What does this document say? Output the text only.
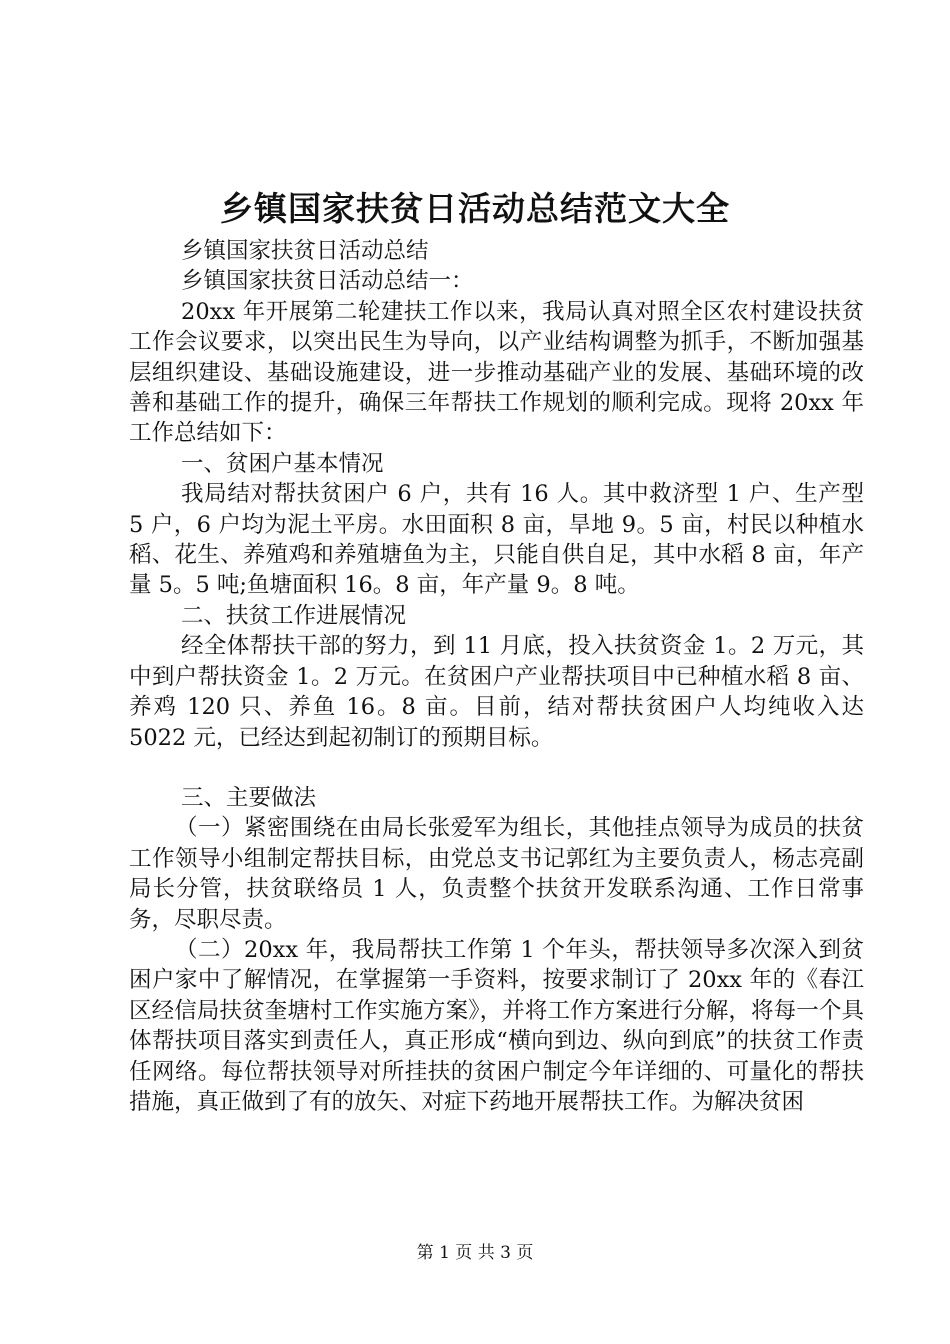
乡镇国家扶贫日活动总结范文大全

乡镇国家扶贫日活动总结

乡镇国家扶贫日活动总结一：

20xx 年开展第二轮建扶工作以来，我局认真对照全区农村建设扶贫工作会议要求，以突出民生为导向，以产业结构调整为抓手，不断加强基层组织建设、基础设施建设，进一步推动基础产业的发展、基础环境的改善和基础工作的提升，确保三年帮扶工作规划的顺利完成。现将 20xx 年工作总结如下：

一、贫困户基本情况

我局结对帮扶贫困户 6 户，共有 16 人。其中救济型 1 户、生产型 5 户，6 户均为泥土平房。水田面积 8 亩，旱地 9。5 亩，村民以种植水稻、花生、养殖鸡和养殖塘鱼为主，只能自供自足，其中水稻 8 亩，年产量 5。5 吨;鱼塘面积 16。8 亩，年产量 9。8 吨。

二、扶贫工作进展情况

经全体帮扶干部的努力，到 11 月底，投入扶贫资金 1。2 万元，其中到户帮扶资金 1。2 万元。在贫困户产业帮扶项目中已种植水稻 8 亩、养鸡 120 只、养鱼 16。8 亩。目前，结对帮扶贫困户人均纯收入达 5022 元，已经达到起初制订的预期目标。

三、主要做法

（一）紧密围绕在由局长张爱军为组长，其他挂点领导为成员的扶贫工作领导小组制定帮扶目标，由党总支书记郭红为主要负责人，杨志亮副局长分管，扶贫联络员 1 人，负责整个扶贫开发联系沟通、工作日常事务，尽职尽责。

（二）20xx 年，我局帮扶工作第 1 个年头，帮扶领导多次深入到贫困户家中了解情况，在掌握第一手资料，按要求制订了 20xx 年的《春江区经信局扶贫奎塘村工作实施方案》，并将工作方案进行分解，将每一个具体帮扶项目落实到责任人，真正形成“横向到边、纵向到底”的扶贫工作责任网络。每位帮扶领导对所挂扶的贫困户制定今年详细的、可量化的帮扶措施，真正做到了有的放矢、对症下药地开展帮扶工作。为解决贫困

第 1 页 共 3 页
